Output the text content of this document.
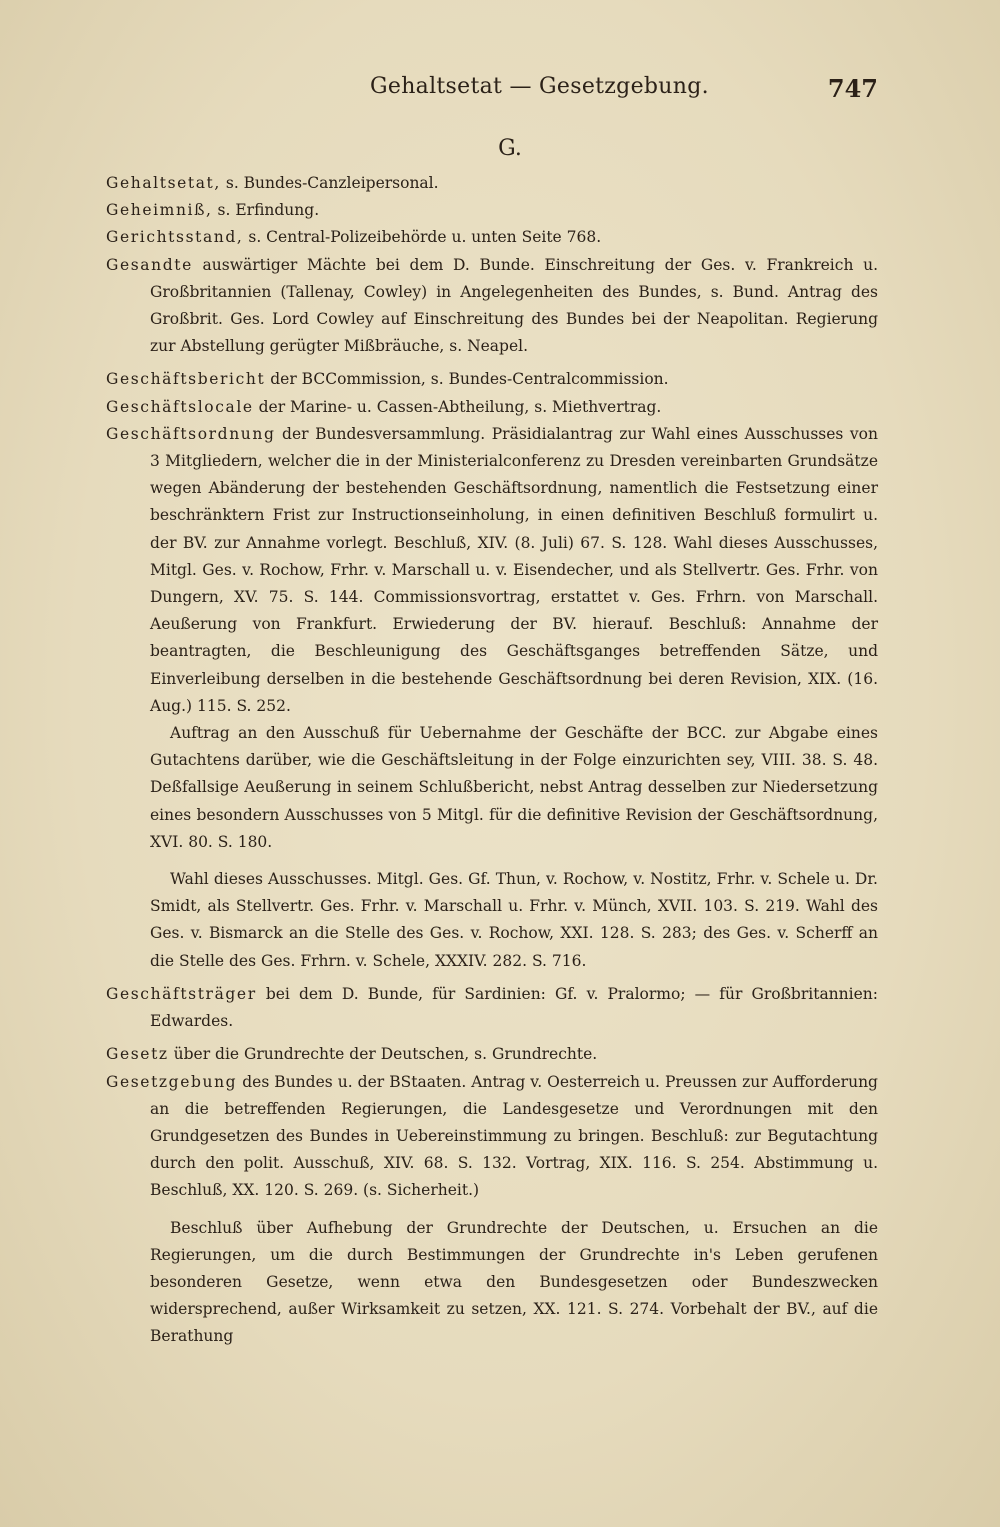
Gehaltsetat — Gesetzgebung.	747
G.

Gehaltsetat, s. Bundes-Canzleipersonal.

Geheimniß, s. Erfindung.

Gerichtsstand, s. Central-Polizeibehörde u. unten Seite 768.

Gesandte auswärtiger Mächte bei dem D. Bunde. Einschreitung der Ges. v. Frankreich u. Großbritannien (Tallenay, Cowley) in Angelegenheiten des Bundes, s. Bund. Antrag des Großbrit. Ges. Lord Cowley auf Einschreitung des Bundes bei der Neapolitan. Regierung zur Abstellung gerügter Mißbräuche, s. Neapel.

Geschäftsbericht der BCCommission, s. Bundes-Centralcommission.

Geschäftslocale der Marine- u. Cassen-Abtheilung, s. Miethvertrag.

Geschäftsordnung der Bundesversammlung. Präsidialantrag zur Wahl eines Ausschusses von 3 Mitgliedern, welcher die in der Ministerialconferenz zu Dresden vereinbarten Grundsätze wegen Abänderung der bestehenden Geschäftsordnung, namentlich die Festsetzung einer beschränktern Frist zur Instructionseinholung, in einen definitiven Beschluß formulirt u. der BV. zur Annahme vorlegt. Beschluß, XIV. (8. Juli) 67. S. 128. Wahl dieses Ausschusses, Mitgl. Ges. v. Rochow, Frhr. v. Marschall u. v. Eisendecher, und als Stellvertr. Ges. Frhr. von Dungern, XV. 75. S. 144. Commissionsvortrag, erstattet v. Ges. Frhrn. von Marschall. Aeußerung von Frankfurt. Erwiederung der BV. hierauf. Beschluß: Annahme der beantragten, die Beschleunigung des Geschäftsganges betreffenden Sätze, und Einverleibung derselben in die bestehende Geschäftsordnung bei deren Revision, XIX. (16. Aug.) 115. S. 252.

Auftrag an den Ausschuß für Uebernahme der Geschäfte der BCC. zur Abgabe eines Gutachtens darüber, wie die Geschäftsleitung in der Folge einzurichten sey, VIII. 38. S. 48. Deßfallsige Aeußerung in seinem Schlußbericht, nebst Antrag desselben zur Niedersetzung eines besondern Ausschusses von 5 Mitgl. für die definitive Revision der Geschäftsordnung, XVI. 80. S. 180.

Wahl dieses Ausschusses. Mitgl. Ges. Gf. Thun, v. Rochow, v. Nostitz, Frhr. v. Schele u. Dr. Smidt, als Stellvertr. Ges. Frhr. v. Marschall u. Frhr. v. Münch, XVII. 103. S. 219. Wahl des Ges. v. Bismarck an die Stelle des Ges. v. Rochow, XXI. 128. S. 283; des Ges. v. Scherff an die Stelle des Ges. Frhrn. v. Schele, XXXIV. 282. S. 716.

Geschäftsträger bei dem D. Bunde, für Sardinien: Gf. v. Pralormo; — für Großbritannien: Edwardes.

Gesetz über die Grundrechte der Deutschen, s. Grundrechte.

Gesetzgebung des Bundes u. der BStaaten. Antrag v. Oesterreich u. Preussen zur Aufforderung an die betreffenden Regierungen, die Landesgesetze und Verordnungen mit den Grundgesetzen des Bundes in Uebereinstimmung zu bringen. Beschluß: zur Begutachtung durch den polit. Ausschuß, XIV. 68. S. 132. Vortrag, XIX. 116. S. 254. Abstimmung u. Beschluß, XX. 120. S. 269. (s. Sicherheit.)

Beschluß über Aufhebung der Grundrechte der Deutschen, u. Ersuchen an die Regierungen, um die durch Bestimmungen der Grundrechte in's Leben gerufenen besonderen Gesetze, wenn etwa den Bundesgesetzen oder Bundeszwecken widersprechend, außer Wirksamkeit zu setzen, XX. 121. S. 274. Vorbehalt der BV., auf die Berathung
